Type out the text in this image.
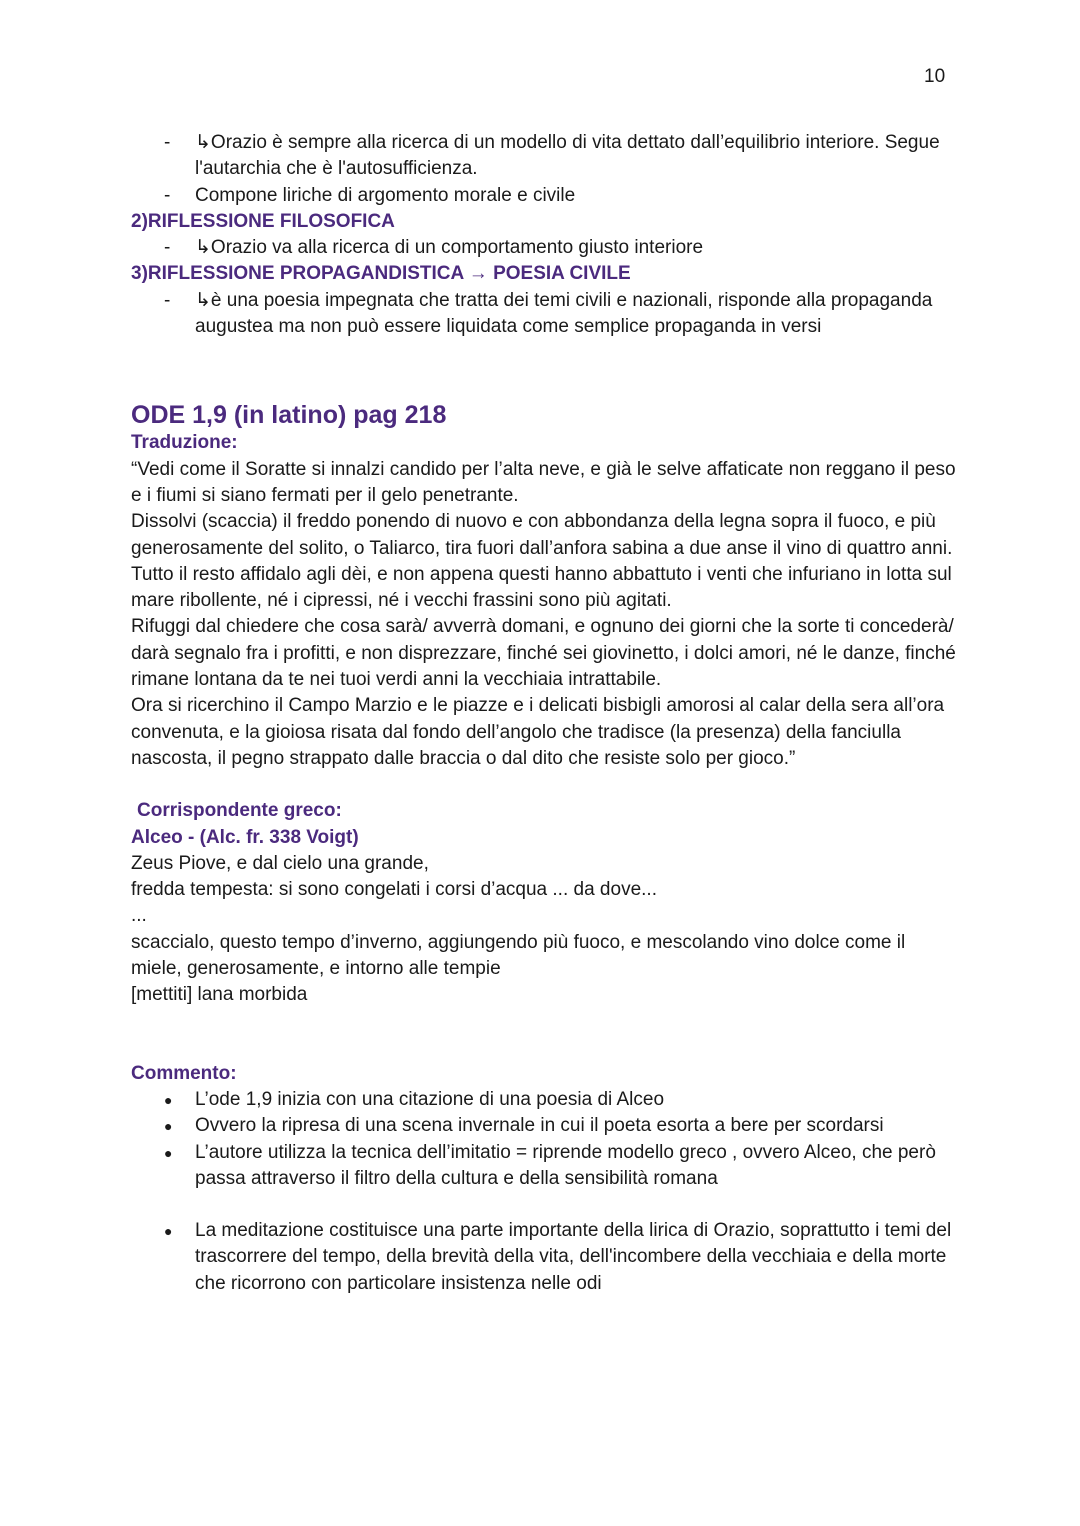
10
- ↳Orazio è sempre alla ricerca di un modello di vita dettato dall’equilibrio interiore. Segue l'autarchia che è l'autosufficienza.
- Compone liriche di argomento morale e civile
2)RIFLESSIONE FILOSOFICA
- ↳Orazio va alla ricerca di un comportamento giusto interiore
3)RIFLESSIONE PROPAGANDISTICA → POESIA CIVILE
- ↳è una poesia impegnata che tratta dei temi civili e nazionali, risponde alla propaganda augustea ma non può essere liquidata come semplice propaganda in versi
ODE 1,9 (in latino) pag 218
Traduzione:

“Vedi come il Soratte si innalzi candido per l’alta neve, e già le selve affaticate non reggano il peso e i fiumi si siano fermati per il gelo penetrante.

Dissolvi (scaccia) il freddo ponendo di nuovo e con abbondanza della legna sopra il fuoco, e più generosamente del solito, o Taliarco, tira fuori dall’anfora sabina a due anse il vino di quattro anni.

Tutto il resto affidalo agli dèi, e non appena questi hanno abbattuto i venti che infuriano in lotta sul mare ribollente, né i cipressi, né i vecchi frassini sono più agitati.

Rifuggi dal chiedere che cosa sarà/ avverrà domani, e ognuno dei giorni che la sorte ti concederà/ darà segnalo fra i profitti, e non disprezzare, finché sei giovinetto, i dolci amori, né le danze, finché rimane lontana da te nei tuoi verdi anni la vecchiaia intrattabile.

Ora si ricerchino il Campo Marzio e le piazze e i delicati bisbigli amorosi al calar della sera all’ora convenuta, e la gioiosa risata dal fondo dell’angolo che tradisce (la presenza) della fanciulla nascosta, il pegno strappato dalle braccia o dal dito che resiste solo per gioco.”

Corrispondente greco:
Alceo - (Alc. fr. 338 Voigt)
Zeus Piove, e dal cielo una grande,
fredda tempesta: si sono congelati i corsi d’acqua ... da dove...
...
scaccialo, questo tempo d’inverno, aggiungendo più fuoco, e mescolando vino dolce come il miele, generosamente, e intorno alle tempie
[mettiti] lana morbida
Commento:
● L’ode 1,9 inizia con una citazione di una poesia di Alceo
● Ovvero la ripresa di una scena invernale in cui il poeta esorta a bere per scordarsi
● L’autore utilizza la tecnica dell’imitatio = riprende modello greco , ovvero Alceo, che però passa attraverso il filtro della cultura e della sensibilità romana
● La meditazione costituisce una parte importante della lirica di Orazio, soprattutto i temi del trascorrere del tempo, della brevità della vita, dell'incombere della vecchiaia e della morte che ricorrono con particolare insistenza nelle odi
